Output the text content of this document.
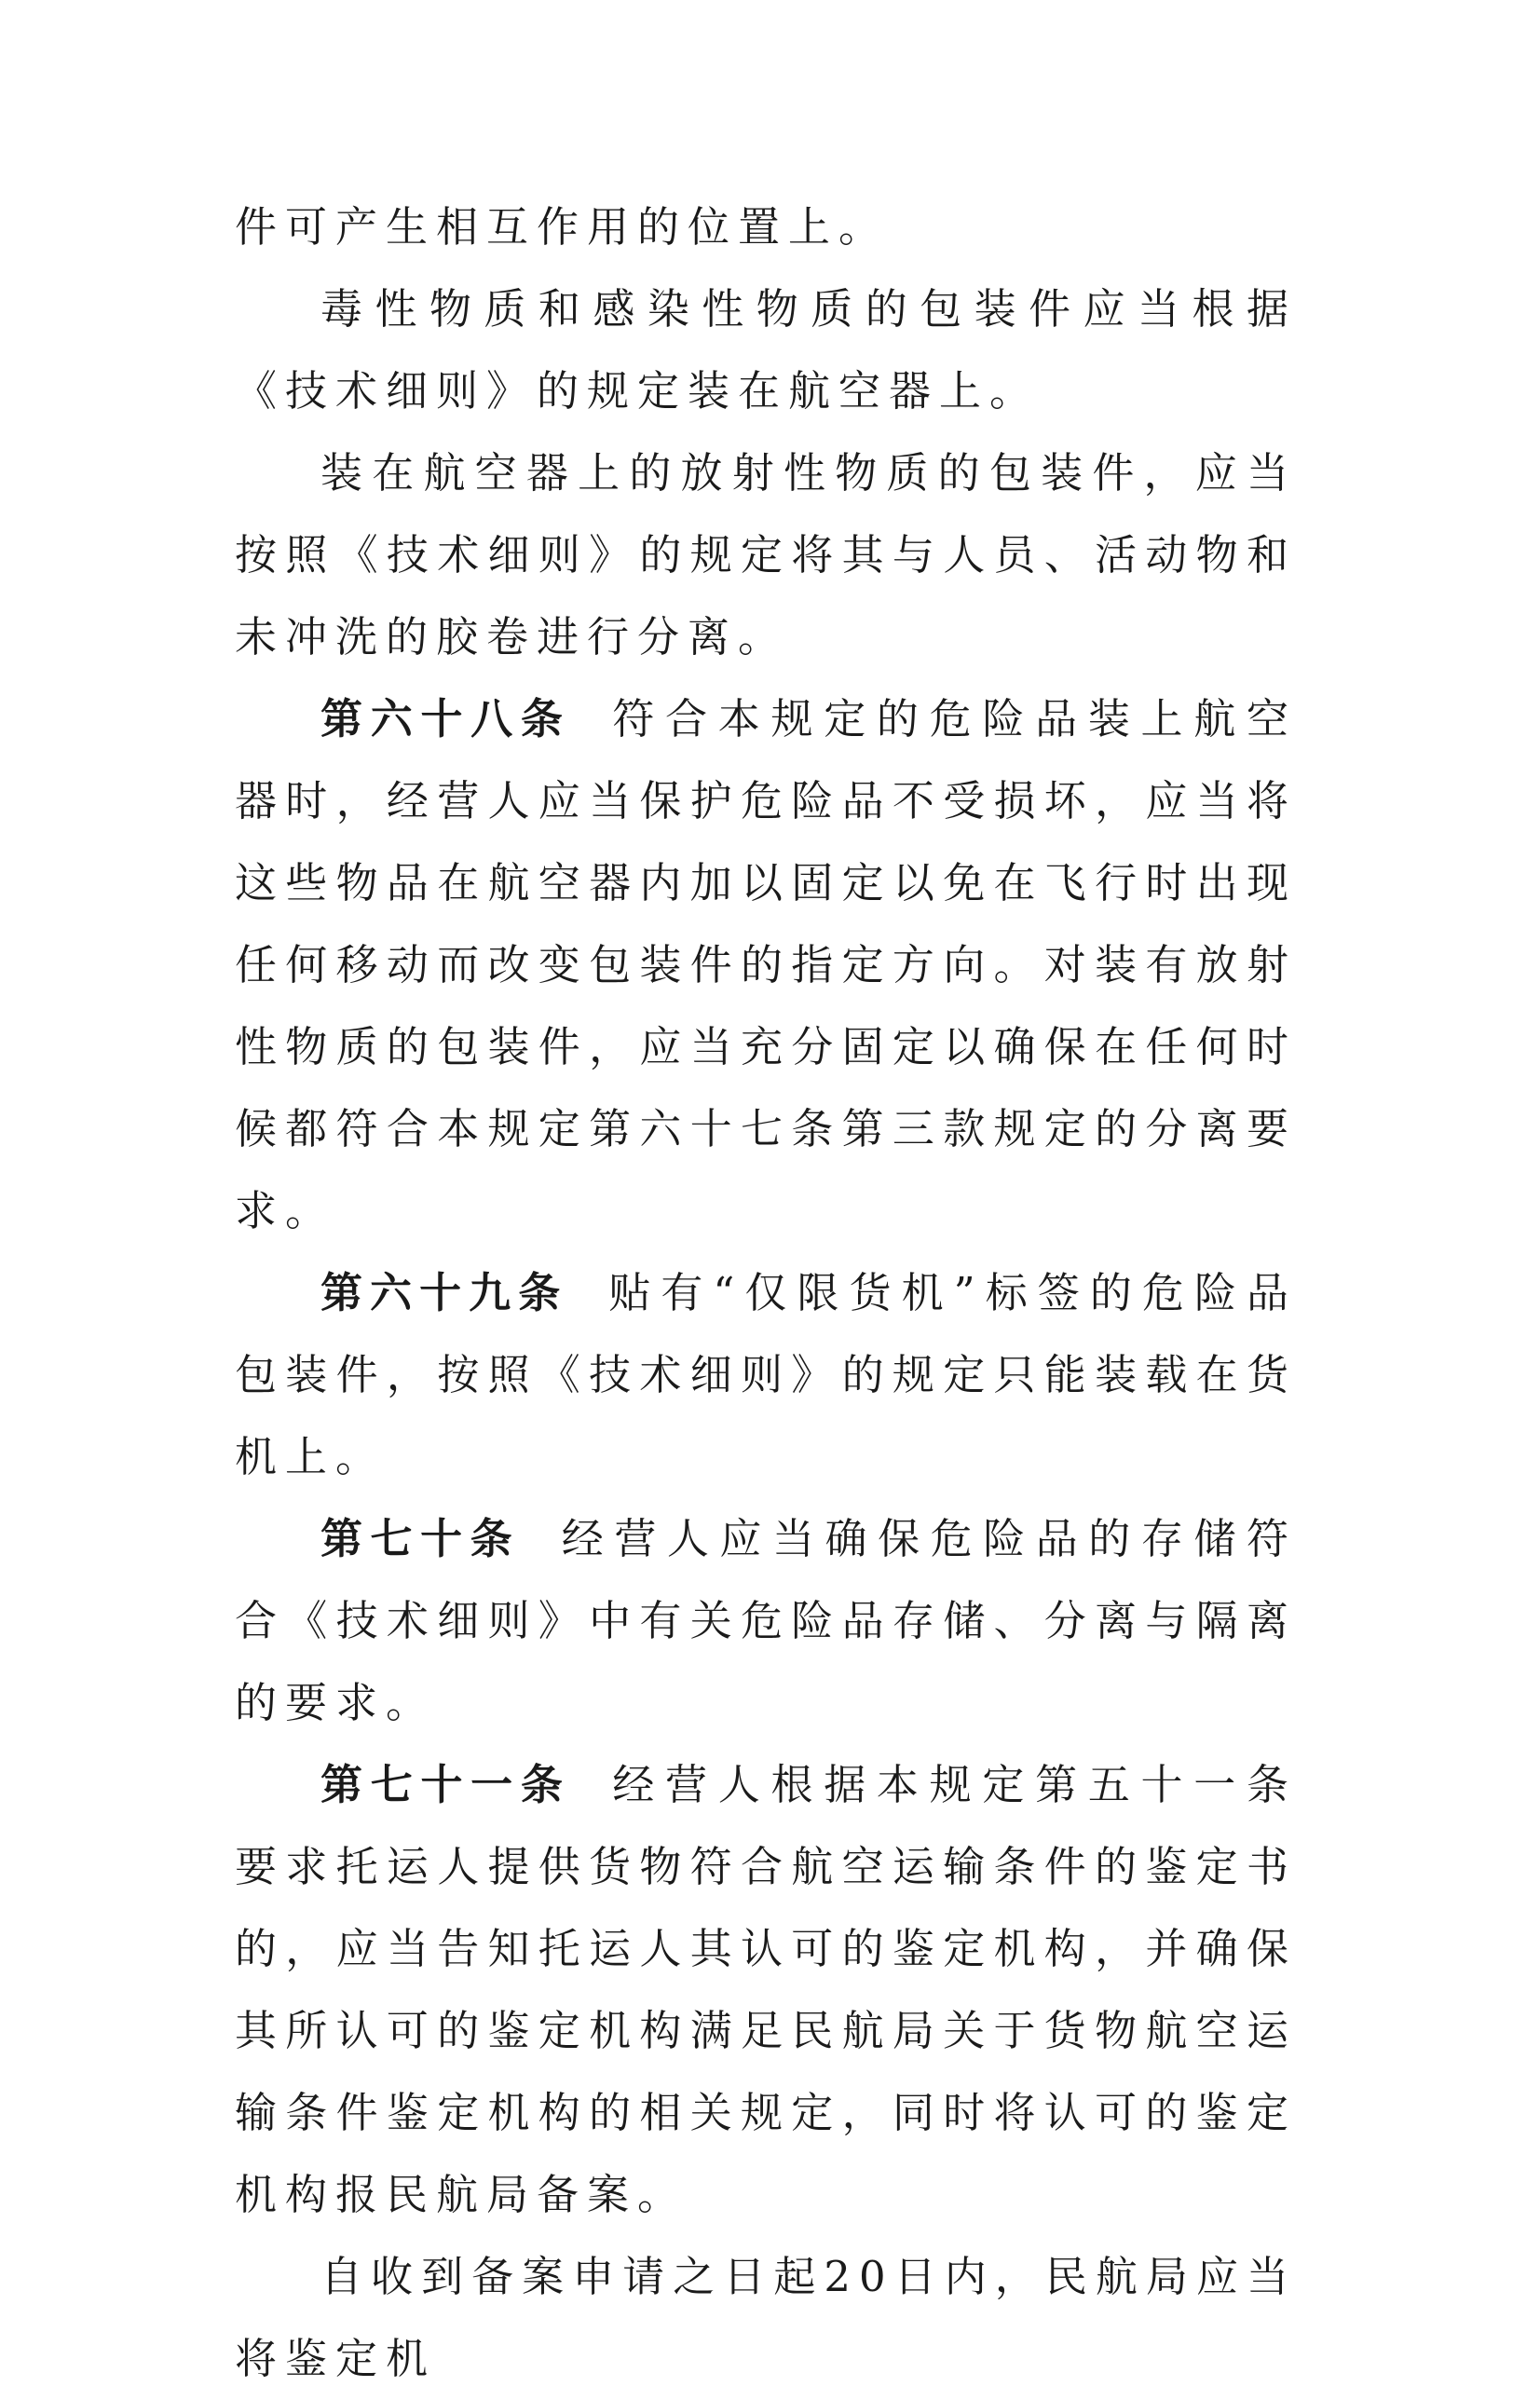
件可产生相互作用的位置上。

毒性物质和感染性物质的包装件应当根据《技术细则》的规定装在航空器上。

装在航空器上的放射性物质的包装件，应当按照《技术细则》的规定将其与人员、活动物和未冲洗的胶卷进行分离。

第六十八条 符合本规定的危险品装上航空器时，经营人应当保护危险品不受损坏，应当将这些物品在航空器内加以固定以免在飞行时出现任何移动而改变包装件的指定方向。对装有放射性物质的包装件，应当充分固定以确保在任何时候都符合本规定第六十七条第三款规定的分离要求。

第六十九条 贴有“仅限货机”标签的危险品包装件，按照《技术细则》的规定只能装载在货机上。

第七十条 经营人应当确保危险品的存储符合《技术细则》中有关危险品存储、分离与隔离的要求。

第七十一条 经营人根据本规定第五十一条要求托运人提供货物符合航空运输条件的鉴定书的，应当告知托运人其认可的鉴定机构，并确保其所认可的鉴定机构满足民航局关于货物航空运输条件鉴定机构的相关规定，同时将认可的鉴定机构报民航局备案。

自收到备案申请之日起20日内，民航局应当将鉴定机
